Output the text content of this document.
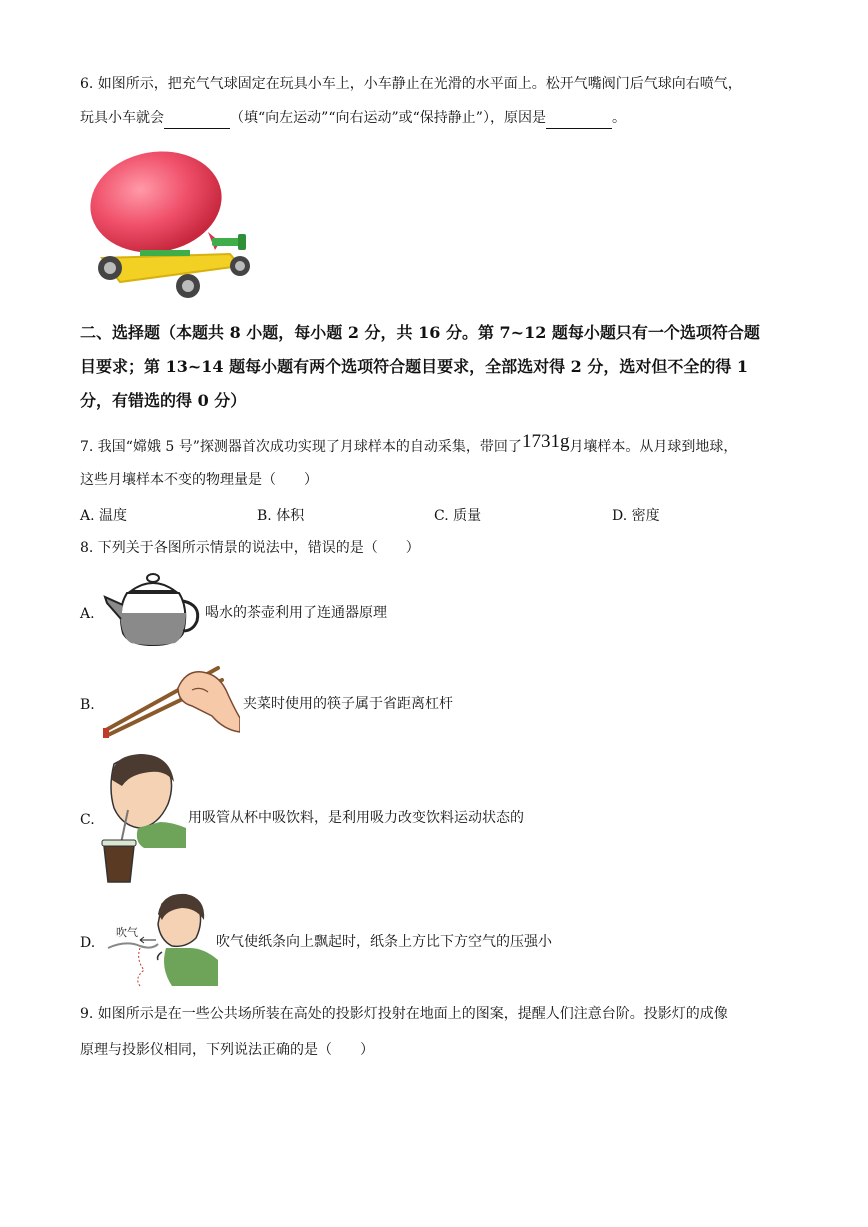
6. 如图所示，把充气气球固定在玩具小车上，小车静止在光滑的水平面上。松开气嘴阀门后气球向右喷气，
玩具小车就会	（填“向左运动”“向右运动”或“保持静止”），原因是	。
二、选择题（本题共 8 小题，每小题 2 分，共 16 分。第 7~12 题每小题只有一个选项符合题
目要求；第 13~14 题每小题有两个选项符合题目要求，全部选对得 2 分，选对但不全的得 1
分，有错选的得 0 分）
7. 我国“嫦娥 5 号”探测器首次成功实现了月球样本的自动采集，带回了1731g月壤样本。从月球到地球，
这些月壤样本不变的物理量是（　　）
A. 温度	B. 体积	C. 质量	D. 密度
8. 下列关于各图所示情景的说法中，错误的是（　　）
A.	喝水的茶壶利用了连通器原理
B.	夹菜时使用的筷子属于省距离杠杆
C.	用吸管从杯中吸饮料，是利用吸力改变饮料运动状态的
D.
吹气
吹气使纸条向上飘起时，纸条上方比下方空气的压强小
9. 如图所示是在一些公共场所装在高处的投影灯投射在地面上的图案，提醒人们注意台阶。投影灯的成像
原理与投影仪相同，下列说法正确的是（　　）
